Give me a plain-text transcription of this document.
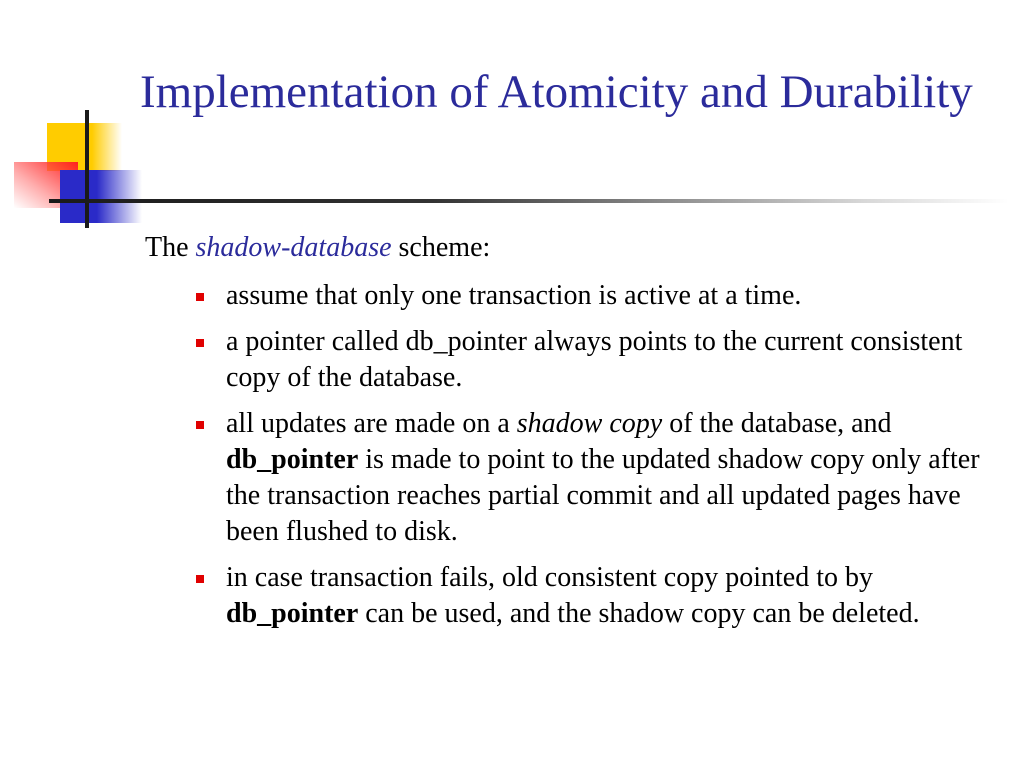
Implementation of Atomicity and Durability
The shadow-database scheme:
assume that only one transaction is active at a time.
a pointer called db_pointer always points to the current consistent copy of the database.
all updates are made on a shadow copy of the database, and db_pointer is made to point to the updated shadow copy only after the transaction reaches partial commit and all updated pages have been flushed to disk.
in case transaction fails, old consistent copy pointed to by db_pointer can be used, and the shadow copy can be deleted.
